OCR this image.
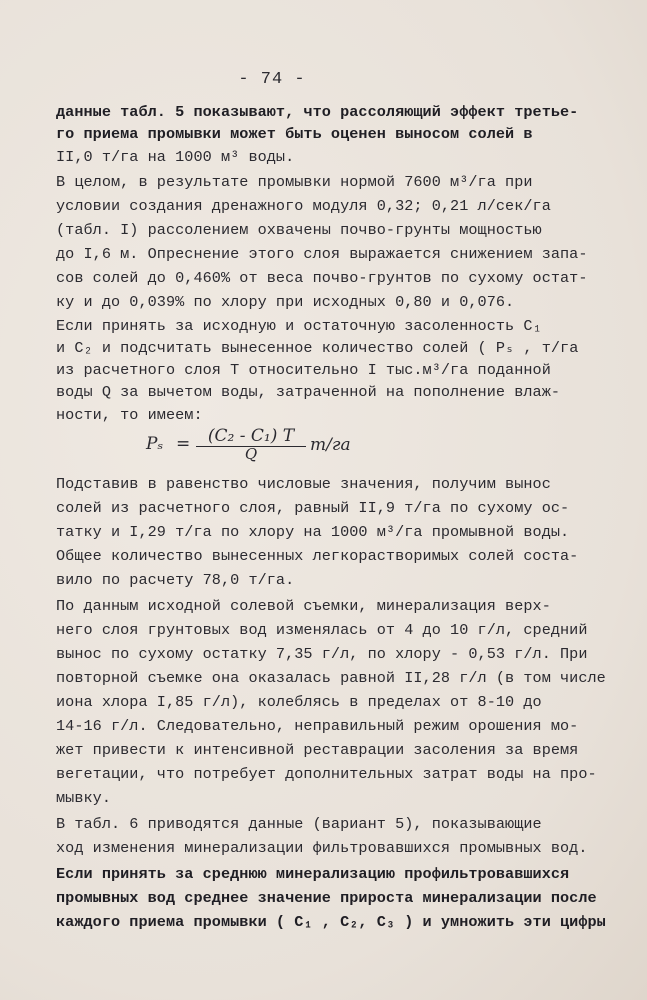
- 74 -
данные табл. 5 показывают, что рассоляющий эффект третье-
го приема промывки может быть оценен выносом солей в
II,0 т/га на 1000 м³ воды.
В целом, в результате промывки нормой 7600 м³/га при
условии создания дренажного модуля 0,32; 0,21 л/сек/га
(табл. I) рассолением охвачены почво-грунты мощностью
до I,6 м. Опреснение этого слоя выражается снижением запа-
сов солей до 0,460% от веса почво-грунтов по сухому остат-
ку и до 0,039% по хлору при исходных 0,80 и 0,076.
Если принять за исходную и остаточную засоленность C₁
и C₂ и подсчитать вынесенное количество солей ( Pₛ , т/га
из расчетного слоя T относительно I тыс.м³/га поданной
воды Q за вычетом воды, затраченной на пополнение влаж-
ности, то имеем:
Pₛ =	(C₂ - C₁) T
Q	т/га
Подставив в равенство числовые значения, получим вынос
солей из расчетного слоя, равный II,9 т/га по сухому ос-
татку и I,29 т/га по хлору на 1000 м³/га промывной воды.
Общее количество вынесенных легкорастворимых солей соста-
вило по расчету 78,0 т/га.
По данным исходной солевой съемки, минерализация верх-
него слоя грунтовых вод изменялась от 4 до 10 г/л, средний
вынос по сухому остатку 7,35 г/л, по хлору - 0,53 г/л. При
повторной съемке она оказалась равной II,28 г/л (в том числе
иона хлора I,85 г/л), колеблясь в пределах от 8-10 до
14-16 г/л. Следовательно, неправильный режим орошения мо-
жет привести к интенсивной реставрации засоления за время
вегетации, что потребует дополнительных затрат воды на про-
мывку.
В табл. 6 приводятся данные (вариант 5), показывающие
ход изменения минерализации фильтровавшихся промывных вод.
Если принять за среднюю минерализацию профильтровавшихся
промывных вод среднее значение прироста минерализации после
каждого приема промывки ( C₁ , C₂, C₃ ) и умножить эти цифры
